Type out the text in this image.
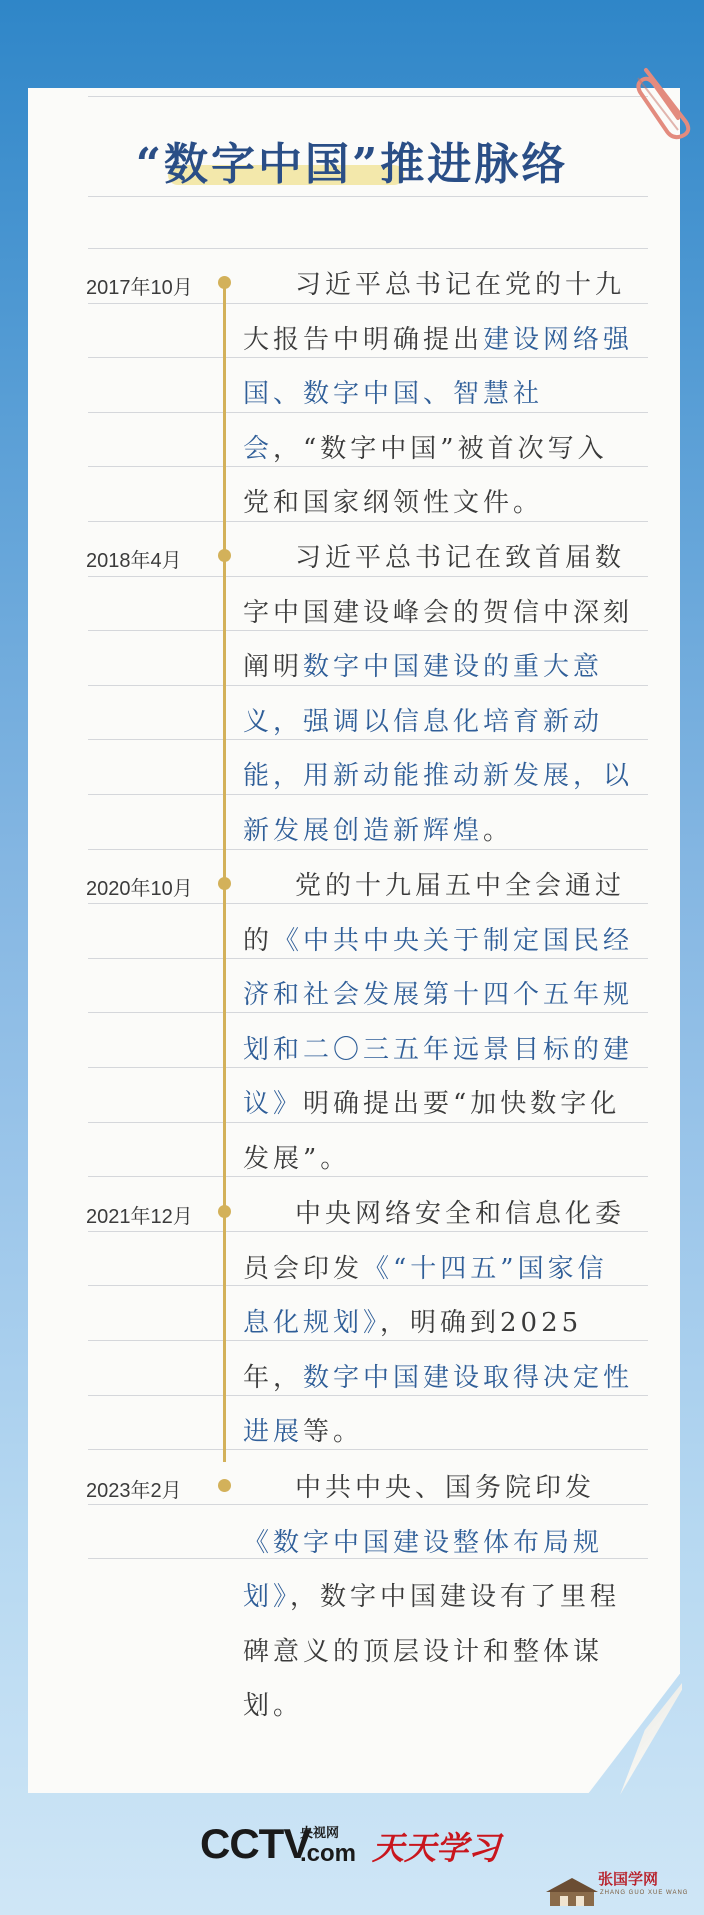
“数字中国”推进脉络
2017年10月	习近平总书记在党的十九大报告中明确提出建设网络强国、数字中国、智慧社会，“数字中国”被首次写入党和国家纲领性文件。
2018年4月	习近平总书记在致首届数字中国建设峰会的贺信中深刻阐明数字中国建设的重大意义，强调以信息化培育新动能，用新动能推动新发展，以新发展创造新辉煌。
2020年10月	党的十九届五中全会通过的《中共中央关于制定国民经济和社会发展第十四个五年规划和二〇三五年远景目标的建议》明确提出要“加快数字化发展”。
2021年12月	中央网络安全和信息化委员会印发《“十四五”国家信息化规划》，明确到2025年，数字中国建设取得决定性进展等。
2023年2月	中共中央、国务院印发《数字中国建设整体布局规划》，数字中国建设有了里程碑意义的顶层设计和整体谋划。
CCTV
央视网
.com 天天学习
张国学网
ZHANG GUO XUE WANG
